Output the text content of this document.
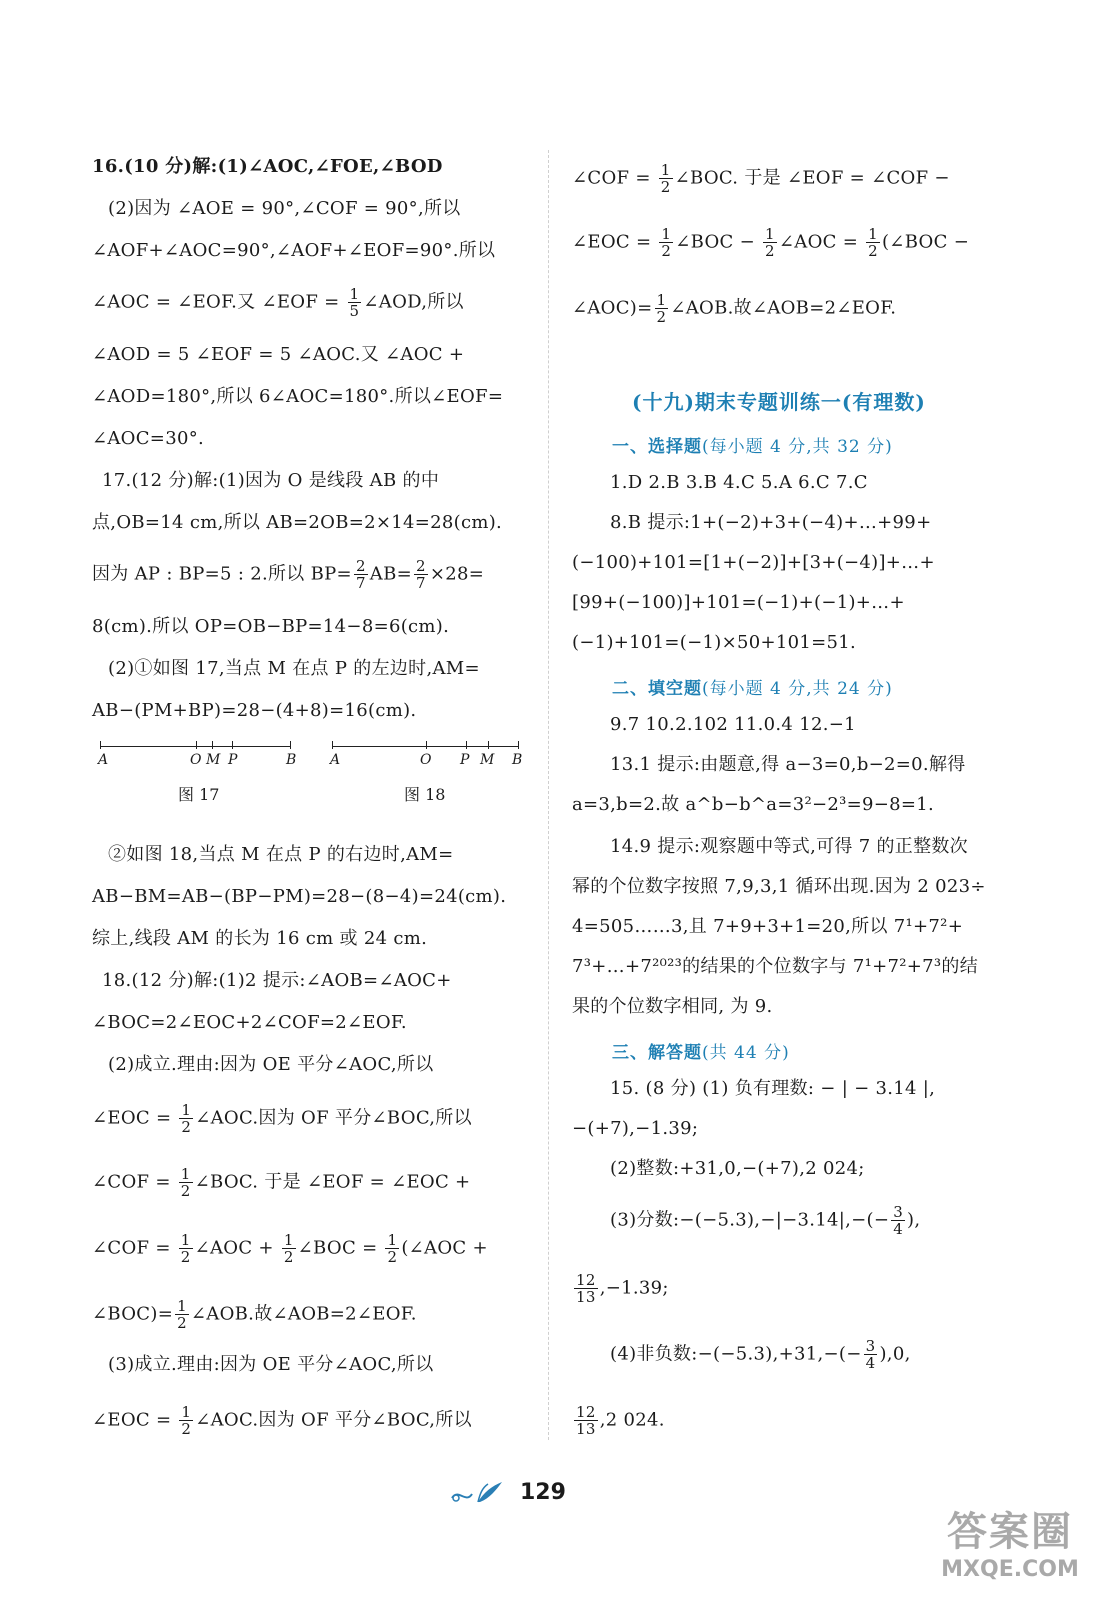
16.(10 分)解:(1)∠AOC,∠FOE,∠BOD
(2)因为 ∠AOE = 90°,∠COF = 90°,所以
∠AOF+∠AOC=90°,∠AOF+∠EOF=90°.所以
∠AOC = ∠EOF.又 ∠EOF = $\frac{1}{5}$ ∠AOD,所以
∠AOD = 5 ∠EOF = 5 ∠AOC.又 ∠AOC +
∠AOD=180°,所以 6∠AOC=180°.所以∠EOF=
∠AOC=30°.
17.(12 分)解:(1)因为 O 是线段 AB 的中
点,OB=14 cm,所以 AB=2OB=2×14=28(cm).
因为 AP : BP=5 : 2.所以 $BP= \frac{2}{7} AB= \frac{2}{7} \times 28=$
8(cm).所以 OP=OB−BP=14−8=6(cm).
(2)①如图 17,当点 M 在点 P 的左边时,AM=
AB−(PM+BP)=28−(4+8)=16(cm).
A	O M P	B
图 17
A	O P M B
图 18
②如图 18,当点 M 在点 P 的右边时,AM=
AB−BM=AB−(BP−PM)=28−(8−4)=24(cm).
综上,线段 AM 的长为 16 cm 或 24 cm.
18.(12 分)解:(1)2 提示:∠AOB=∠AOC+
∠BOC=2∠EOC+2∠COF=2∠EOF.
(2)成立.理由:因为 OE 平分∠AOC,所以
∠EOC = $\frac{1}{2}$ ∠AOC.因为 OF 平分∠BOC,所以
∠COF = $\frac{1}{2}$ ∠BOC. 于是 ∠EOF = ∠EOC +
∠COF = $\frac{1}{2}$ ∠AOC + $\frac{1}{2}$ ∠BOC = $\frac{1}{2}$ (∠AOC +
∠BOC)= $\frac{1}{2}$ ∠AOB.故∠AOB=2∠EOF.
(3)成立.理由:因为 OE 平分∠AOC,所以
∠EOC = $\frac{1}{2}$ ∠AOC.因为 OF 平分∠BOC,所以
∠COF = $\frac{1}{2}$ ∠BOC. 于是 ∠EOF = ∠COF −
∠EOC = $\frac{1}{2}$ ∠BOC − $\frac{1}{2}$ ∠AOC = $\frac{1}{2}$ (∠BOC −
∠AOC)= $\frac{1}{2}$ ∠AOB.故∠AOB=2∠EOF.
(十九)期末专题训练一(有理数)
一、选择题(每小题 4 分,共 32 分)
1.D 2.B 3.B 4.C 5.A 6.C 7.C
8.B 提示:1+(−2)+3+(−4)+…+99+
(−100)+101=[1+(−2)]+[3+(−4)]+…+
[99+(−100)]+101=(−1)+(−1)+…+
(−1)+101=(−1)×50+101=51.
二、填空题(每小题 4 分,共 24 分)
9.7 10.2.102 11.0.4 12.−1
13.1 提示:由题意,得 a−3=0,b−2=0.解得
a=3,b=2.故 a^b−b^a=3²−2³=9−8=1.
14.9 提示:观察题中等式,可得 7 的正整数次
幂的个位数字按照 7,9,3,1 循环出现.因为 2 023÷
4=505……3,且 7+9+3+1=20,所以 7¹+7²+
7³+…+7²⁰²³的结果的个位数字与 7¹+7²+7³的结
果的个位数字相同, 为 9.
三、解答题(共 44 分)
15. (8 分) (1) 负有理数: − | − 3.14 |,
−(+7),−1.39;
(2)整数:+31,0,−(+7),2 024;
(3)分数:−(−5.3),−|−3.14|,−(− $\frac{3}{4}$ ),
$\frac{12}{13} ,-1.39$;
(4)非负数:−(−5.3),+31,−(− $\frac{3}{4} ),0$,
$\frac{12}{13} ,2$ 024.
129
答案圈
MXQE.COM
